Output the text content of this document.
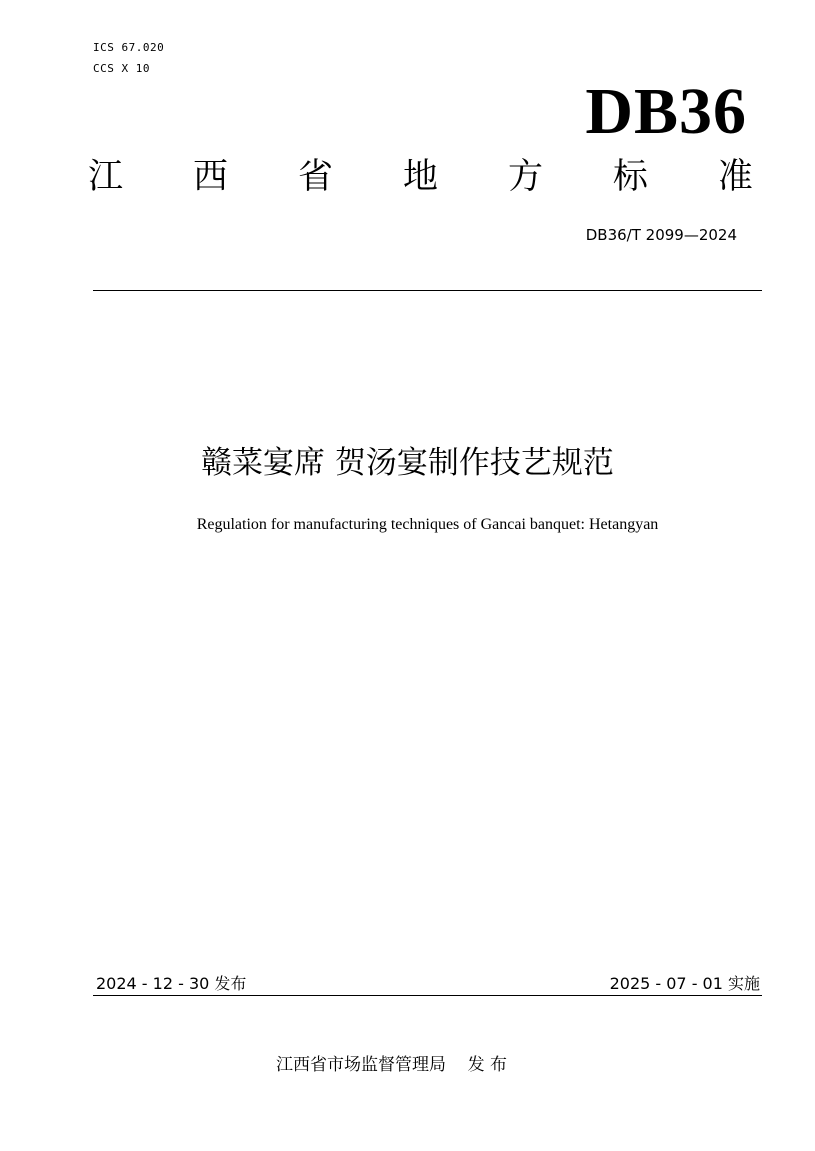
ICS 67.020
CCS X 10
DB36
江 西 省 地 方 标 准
DB36/T 2099—2024
赣菜宴席 贺汤宴制作技艺规范
Regulation for manufacturing techniques of Gancai banquet: Hetangyan
2024 - 12 - 30 发布	2025 - 07 - 01 实施
江西省市场监督管理局    发 布
